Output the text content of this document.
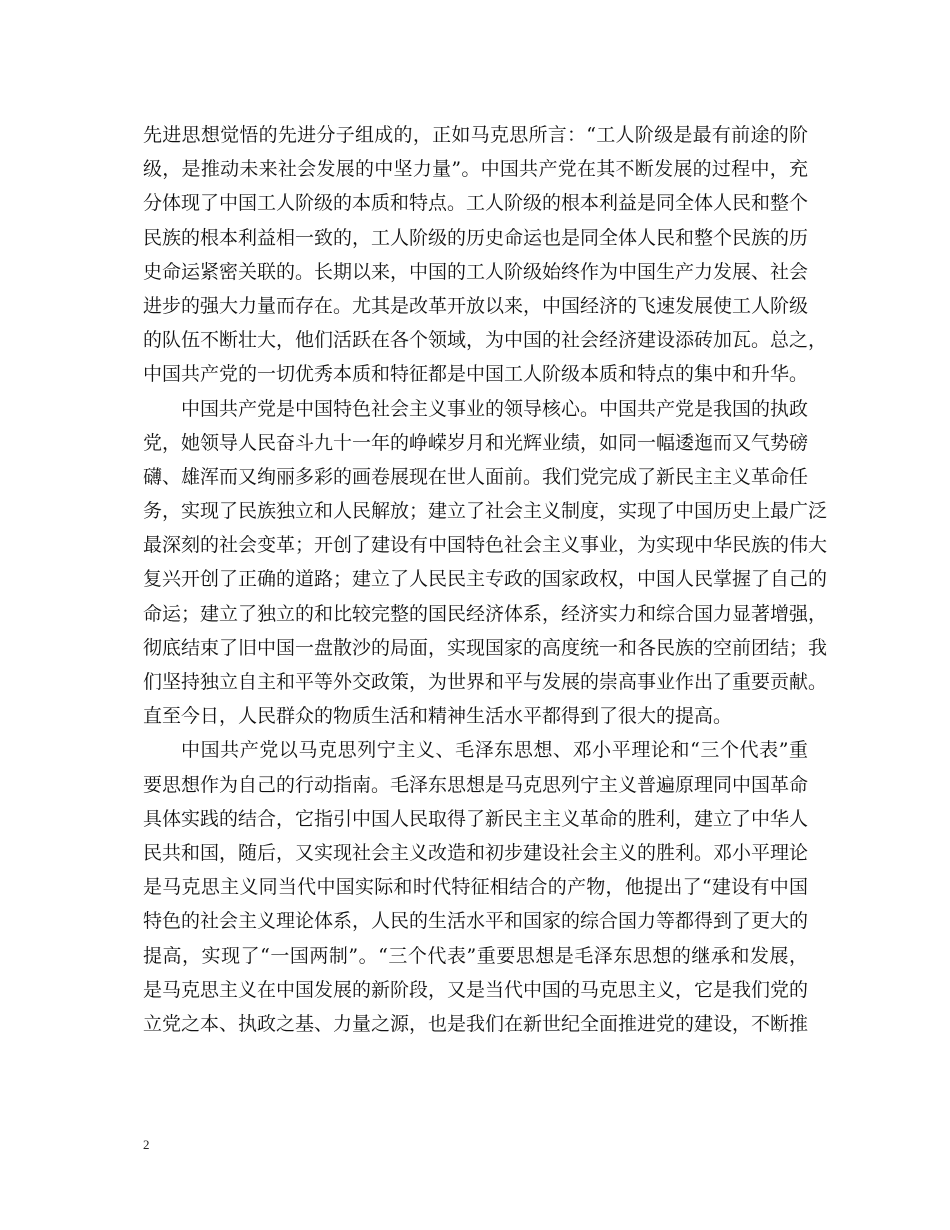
先进思想觉悟的先进分子组成的，正如马克思所言：“工人阶级是最有前途的阶
级，是推动未来社会发展的中坚力量”。中国共产党在其不断发展的过程中，充
分体现了中国工人阶级的本质和特点。工人阶级的根本利益是同全体人民和整个
民族的根本利益相一致的，工人阶级的历史命运也是同全体人民和整个民族的历
史命运紧密关联的。长期以来，中国的工人阶级始终作为中国生产力发展、社会
进步的强大力量而存在。尤其是改革开放以来，中国经济的飞速发展使工人阶级
的队伍不断壮大，他们活跃在各个领域，为中国的社会经济建设添砖加瓦。总之，
中国共产党的一切优秀本质和特征都是中国工人阶级本质和特点的集中和升华。
中国共产党是中国特色社会主义事业的领导核心。中国共产党是我国的执政
党，她领导人民奋斗九十一年的峥嵘岁月和光辉业绩，如同一幅逶迤而又气势磅
礴、雄浑而又绚丽多彩的画卷展现在世人面前。我们党完成了新民主主义革命任
务，实现了民族独立和人民解放；建立了社会主义制度，实现了中国历史上最广泛
最深刻的社会变革；开创了建设有中国特色社会主义事业，为实现中华民族的伟大
复兴开创了正确的道路；建立了人民民主专政的国家政权，中国人民掌握了自己的
命运；建立了独立的和比较完整的国民经济体系，经济实力和综合国力显著增强，
彻底结束了旧中国一盘散沙的局面，实现国家的高度统一和各民族的空前团结；我
们坚持独立自主和平等外交政策，为世界和平与发展的崇高事业作出了重要贡献。
直至今日，人民群众的物质生活和精神生活水平都得到了很大的提高。
中国共产党以马克思列宁主义、毛泽东思想、邓小平理论和“三个代表”重
要思想作为自己的行动指南。毛泽东思想是马克思列宁主义普遍原理同中国革命
具体实践的结合，它指引中国人民取得了新民主主义革命的胜利，建立了中华人
民共和国，随后，又实现社会主义改造和初步建设社会主义的胜利。邓小平理论
是马克思主义同当代中国实际和时代特征相结合的产物，他提出了“建设有中国
特色的社会主义理论体系，人民的生活水平和国家的综合国力等都得到了更大的
提高，实现了“一国两制”。“三个代表”重要思想是毛泽东思想的继承和发展，
是马克思主义在中国发展的新阶段，又是当代中国的马克思主义，它是我们党的
立党之本、执政之基、力量之源，也是我们在新世纪全面推进党的建设，不断推
2
